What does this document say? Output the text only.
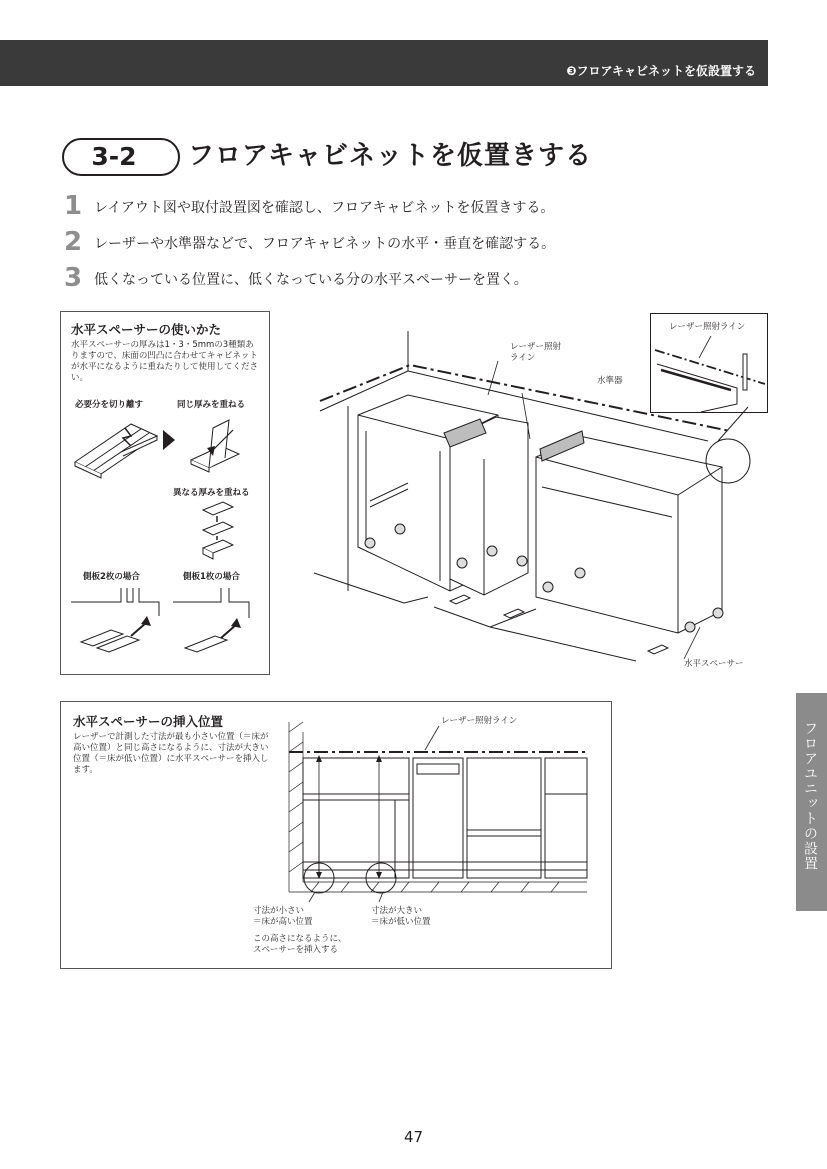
❸フロアキャビネットを仮設置する
3-2	フロアキャビネットを仮置きする
1 レイアウト図や取付設置図を確認し、フロアキャビネットを仮置きする。
2 レーザーや水準器などで、フロアキャビネットの水平・垂直を確認する。
3 低くなっている位置に、低くなっている分の水平スペーサーを置く。
水平スペーサーの使いかた
水平スペーサーの厚みは1・3・5mmの3種類ありますので、床面の凹凸に合わせてキャビネットが水平になるように重ねたりして使用してください。
必要分を切り離す	同じ厚みを重ねる
異なる厚みを重ねる
側板2枚の場合	側板1枚の場合
レーザー照射
ライン
水準器
水平スペーサー
レーザー照射ライン
水平スペーサーの挿入位置
レーザーで計測した寸法が最も小さい位置（＝床が高い位置）と同じ高さになるように、寸法が大きい位置（＝床が低い位置）に水平スペーサーを挿入します。
レーザー照射ライン
寸法が小さい
＝床が高い位置
寸法が大きい
＝床が低い位置
この高さになるように、
スペーサーを挿入する
フロアユニットの設置
47
